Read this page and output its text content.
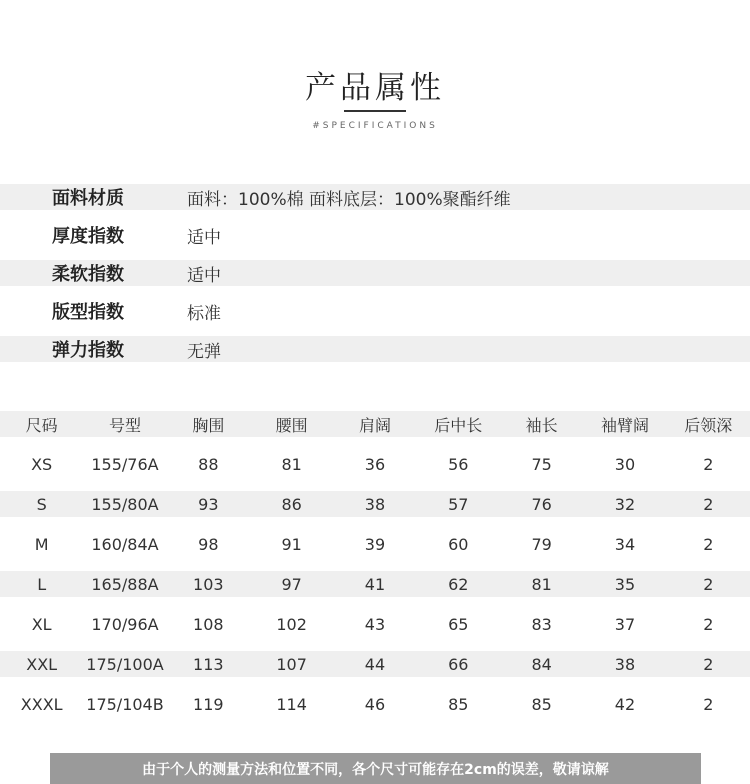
产品属性
#SPECIFICATIONS
面料材质	面料：100%棉 面料底层：100%聚酯纤维
厚度指数	适中
柔软指数	适中
版型指数	标准
弹力指数	无弹
尺码	号型	胸围	腰围	肩阔	后中长	袖长	袖臂阔	后领深

XS	155/76A	88	81	36	56	75	30	2

S	155/80A	93	86	38	57	76	32	2

M	160/84A	98	91	39	60	79	34	2

L	165/88A	103	97	41	62	81	35	2

XL	170/96A	108	102	43	65	83	37	2

XXL	175/100A	113	107	44	66	84	38	2

XXXL	175/104B	119	114	46	85	85	42	2
由于个人的测量方法和位置不同，各个尺寸可能存在2cm的误差，敬请谅解
